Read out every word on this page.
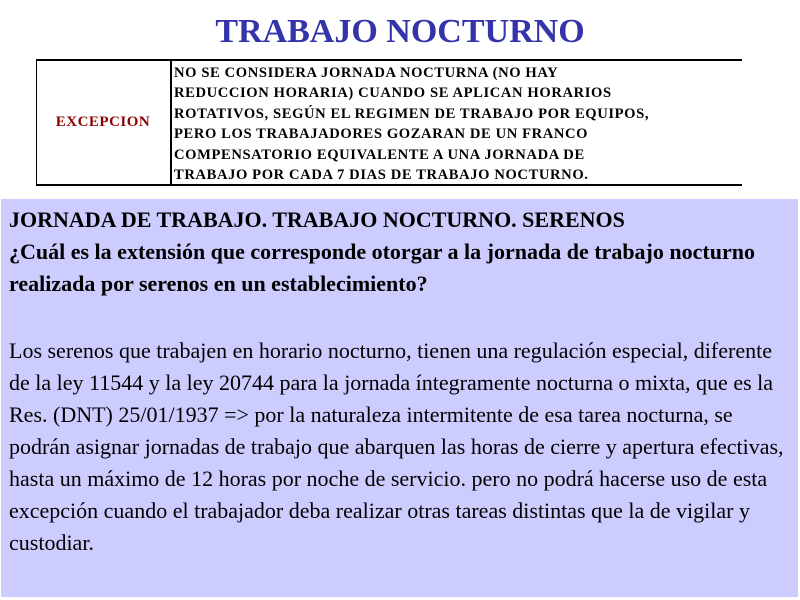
TRABAJO NOCTURNO
EXCEPCION

NO SE CONSIDERA JORNADA NOCTURNA (NO HAY
REDUCCION HORARIA) CUANDO SE APLICAN HORARIOS
ROTATIVOS, SEGÚN EL REGIMEN DE TRABAJO POR EQUIPOS,
PERO LOS TRABAJADORES GOZARAN DE UN FRANCO
COMPENSATORIO EQUIVALENTE A UNA JORNADA DE
TRABAJO POR CADA 7 DIAS DE TRABAJO NOCTURNO.

JORNADA DE TRABAJO. TRABAJO NOCTURNO. SERENOS

¿Cuál es la extensión que corresponde otorgar a la jornada de trabajo nocturno realizada por serenos en un establecimiento?

Los serenos que trabajen en horario nocturno, tienen una regulación especial, diferente de la ley 11544 y la ley 20744 para la jornada íntegramente nocturna o mixta, que es la Res. (DNT) 25/01/1937 => por la naturaleza intermitente de esa tarea nocturna, se podrán asignar jornadas de trabajo que abarquen las horas de cierre y apertura efectivas, hasta un máximo de 12 horas por noche de servicio. pero no podrá hacerse uso de esta excepción cuando el trabajador deba realizar otras tareas distintas que la de vigilar y custodiar.
